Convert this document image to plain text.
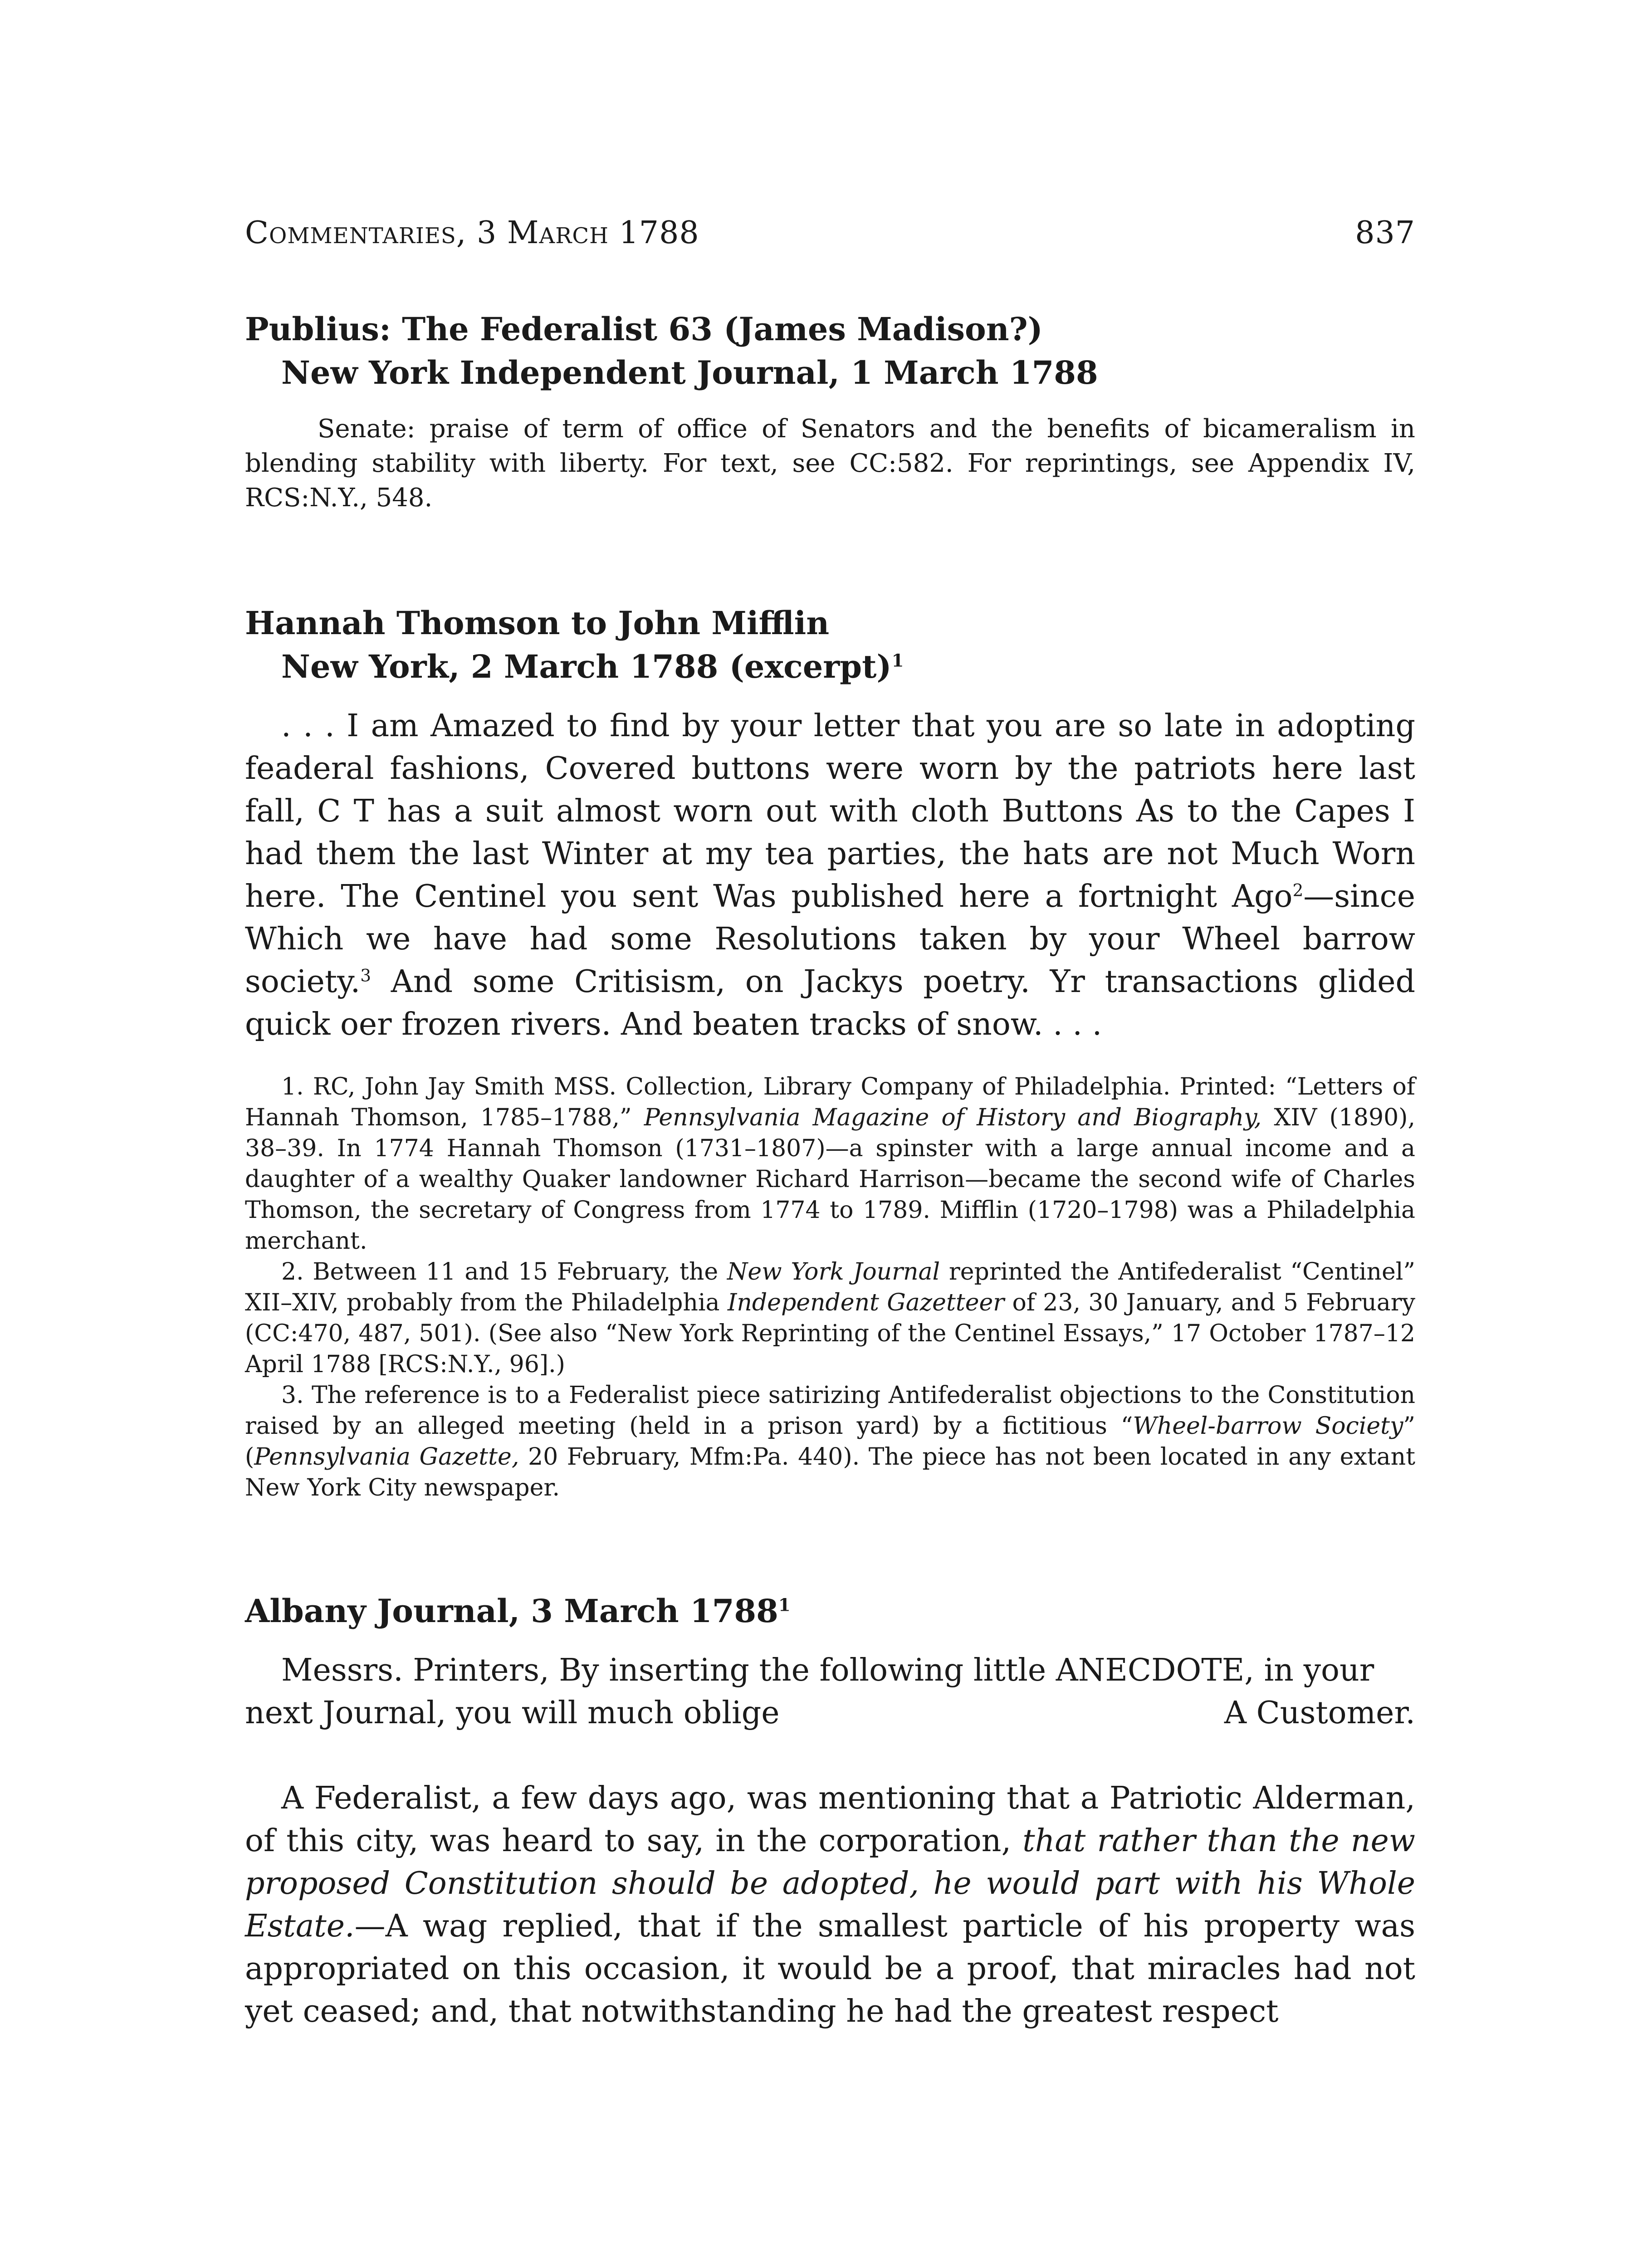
Commentaries, 3 March 1788	837
Publius: The Federalist 63 (James Madison?)
New York Independent Journal, 1 March 1788

Senate: praise of term of office of Senators and the benefits of bicameralism in blending stability with liberty. For text, see CC:582. For reprintings, see Appendix IV, RCS:N.Y., 548.

Hannah Thomson to John Mifflin
New York, 2 March 1788 (excerpt)$^1$

. . . I am Amazed to find by your letter that you are so late in adopting feaderal fashions, Covered buttons were worn by the patriots here last fall, C T has a suit almost worn out with cloth Buttons As to the Capes I had them the last Winter at my tea parties, the hats are not Much Worn here. The Centinel you sent Was published here a fortnight Ago$^2$—since Which we have had some Resolutions taken by your Wheel barrow society.$^3$ And some Critisism, on Jackys poetry. Yr transactions glided quick oer frozen rivers. And beaten tracks of snow. . . .

1. RC, John Jay Smith MSS. Collection, Library Company of Philadelphia. Printed: “Letters of Hannah Thomson, 1785–1788,” Pennsylvania Magazine of History and Biography, XIV (1890), 38–39. In 1774 Hannah Thomson (1731–1807)—a spinster with a large annual income and a daughter of a wealthy Quaker landowner Richard Harrison—became the second wife of Charles Thomson, the secretary of Congress from 1774 to 1789. Mifflin (1720–1798) was a Philadelphia merchant.

2. Between 11 and 15 February, the New York Journal reprinted the Antifederalist “Centinel” XII–XIV, probably from the Philadelphia Independent Gazetteer of 23, 30 January, and 5 February (CC:470, 487, 501). (See also “New York Reprinting of the Centinel Essays,” 17 October 1787–12 April 1788 [RCS:N.Y., 96].)

3. The reference is to a Federalist piece satirizing Antifederalist objections to the Constitution raised by an alleged meeting (held in a prison yard) by a fictitious “Wheel-barrow Society” (Pennsylvania Gazette, 20 February, Mfm:Pa. 440). The piece has not been located in any extant New York City newspaper.

Albany Journal, 3 March 1788$^1$

Messrs. Printers, By inserting the following little ANECDOTE, in your

next Journal, you will much oblige	A Customer.

A Federalist, a few days ago, was mentioning that a Patriotic Alderman, of this city, was heard to say, in the corporation, that rather than the new proposed Constitution should be adopted, he would part with his Whole Estate.—A wag replied, that if the smallest particle of his property was appropriated on this occasion, it would be a proof, that miracles had not yet ceased; and, that notwithstanding he had the greatest respect
